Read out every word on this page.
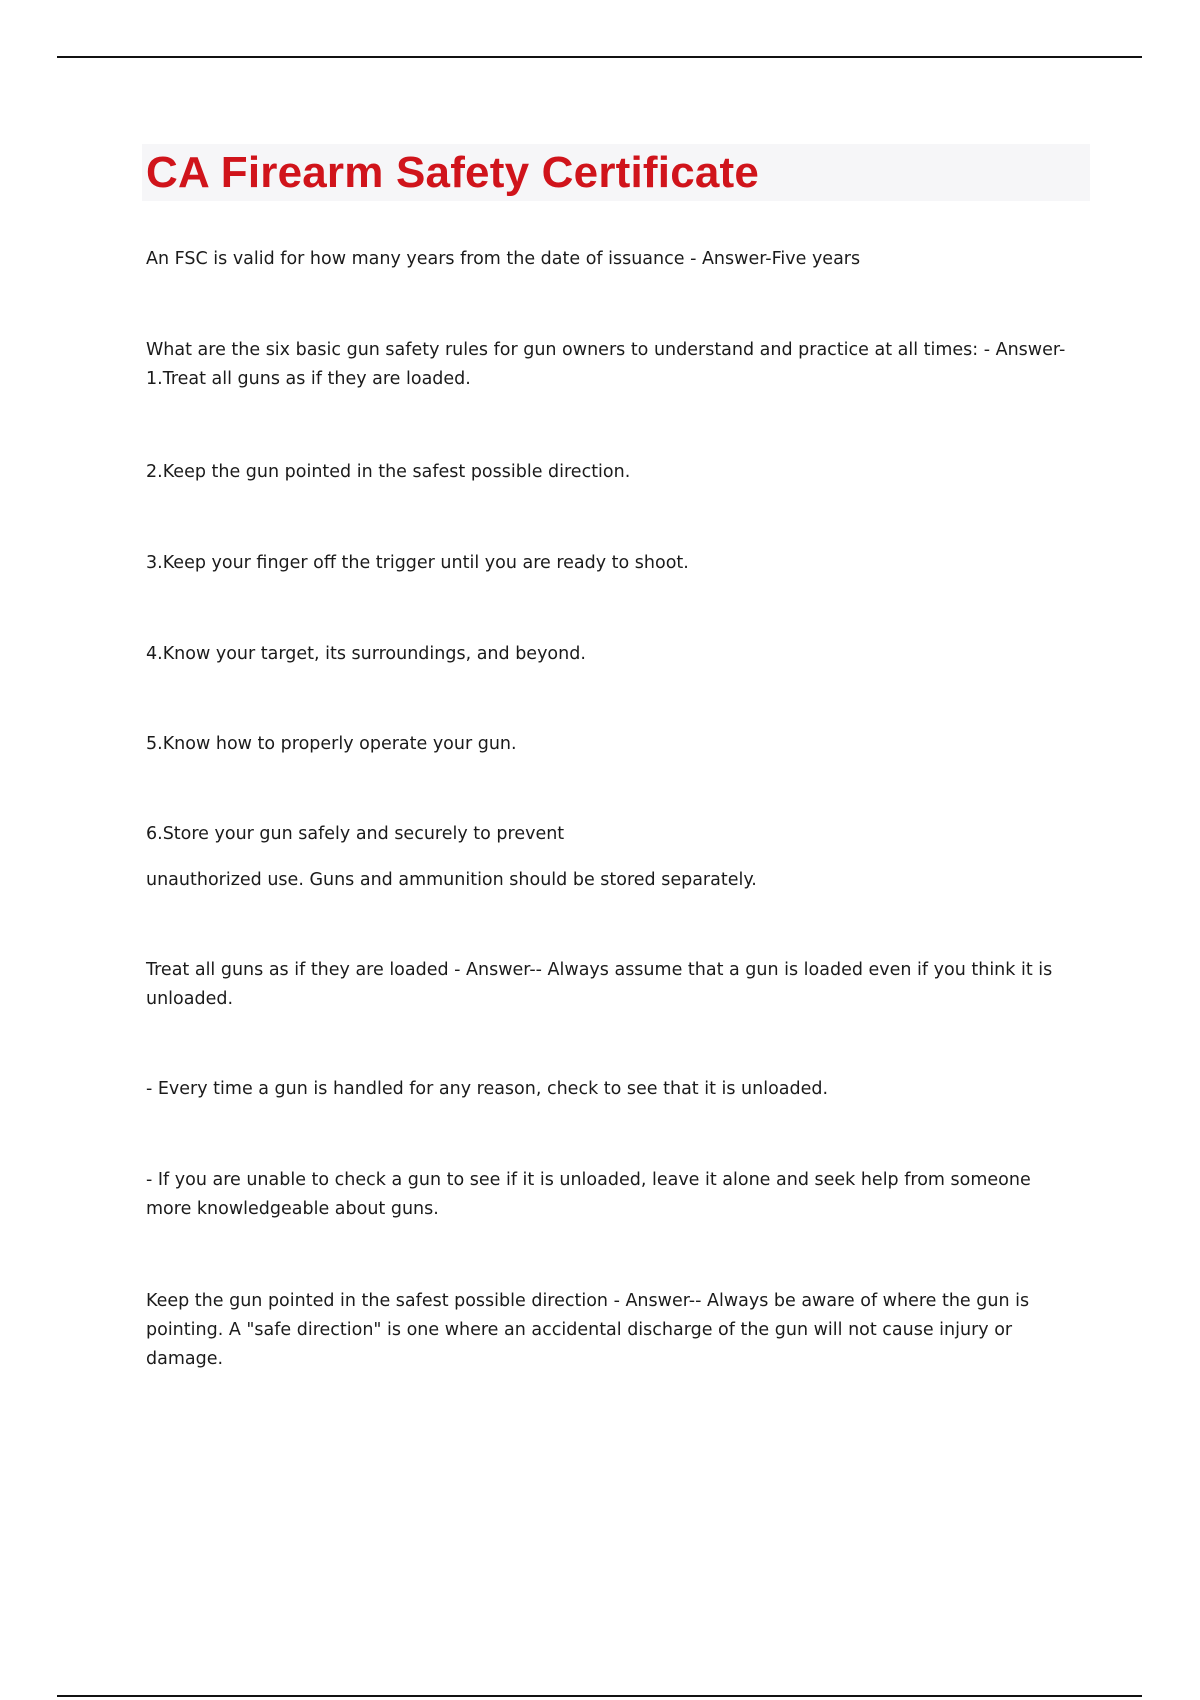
CA Firearm Safety Certificate

An FSC is valid for how many years from the date of issuance - Answer-Five years

What are the six basic gun safety rules for gun owners to understand and practice at all times: - Answer-
1.Treat all guns as if they are loaded.

2.Keep the gun pointed in the safest possible direction.

3.Keep your finger off the trigger until you are ready to shoot.

4.Know your target, its surroundings, and beyond.

5.Know how to properly operate your gun.

6.Store your gun safely and securely to prevent

unauthorized use. Guns and ammunition should be stored separately.

Treat all guns as if they are loaded - Answer-- Always assume that a gun is loaded even if you think it is
unloaded.

- Every time a gun is handled for any reason, check to see that it is unloaded.

- If you are unable to check a gun to see if it is unloaded, leave it alone and seek help from someone
more knowledgeable about guns.

Keep the gun pointed in the safest possible direction - Answer-- Always be aware of where the gun is
pointing. A "safe direction" is one where an accidental discharge of the gun will not cause injury or
damage.
